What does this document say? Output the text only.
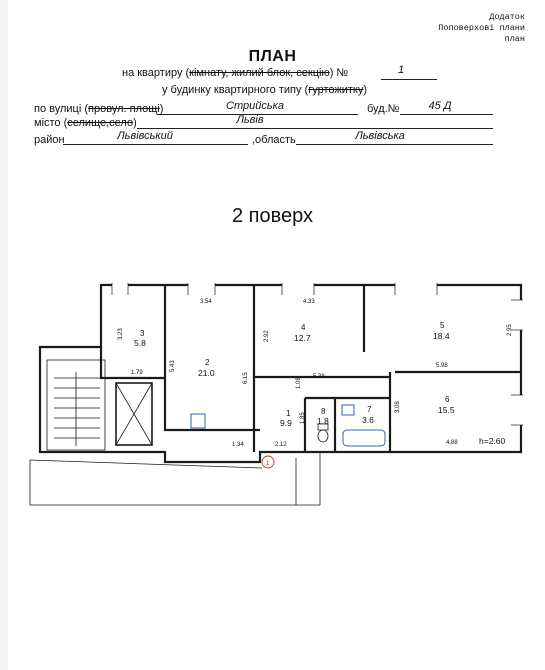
Додаток
Поповерхові плани
план
ПЛАН
на квартиру (кімнату, жилий блок, секцію) №	1
у будинку квартирного типу (гуртожитку)
по вулиці (провул. площі)	Стрийська	буд.№	45 Д
місто (селище,село)	Львів
район	Львівський	,область	Львівська
2 поверх
3
5.8
2
21.0
4
12.7
5
18.4
6
15.5
1
9.9
8
1.8
7
3.6
3.54	4.33
3.23	2.92
2.95
1.79
5.43
6.15	1.08
5.38
5.98
3.08
1.85
1.34	2.12	4.88	h=2.60
1
